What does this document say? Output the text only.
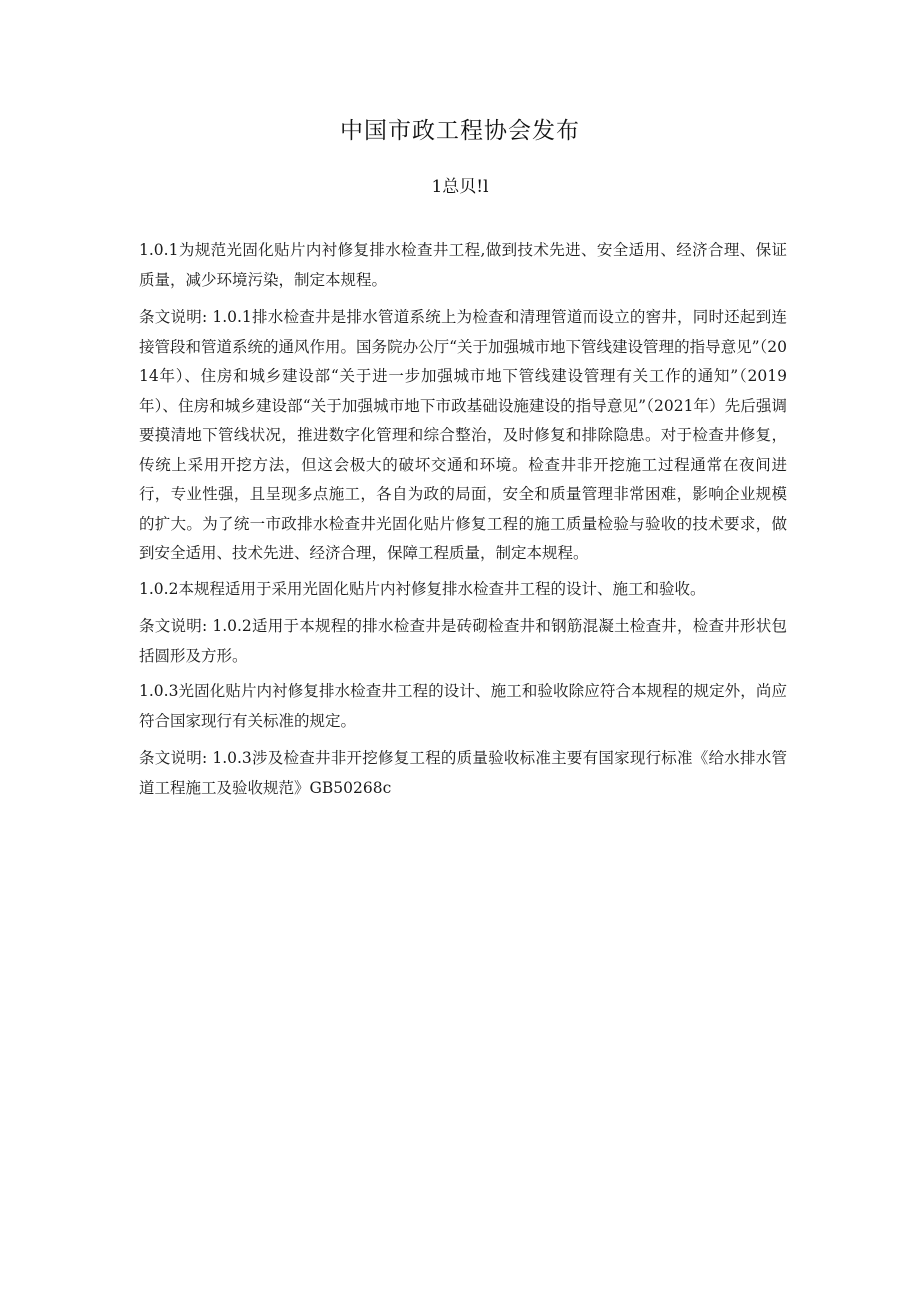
中国市政工程协会发布
1总贝!l

1.0.1为规范光固化贴片内衬修复排水检查井工程,做到技术先进、安全适用、经济合理、保证质量，减少环境污染，制定本规程。

条文说明: 1.0.1排水检查井是排水管道系统上为检查和清理管道而设立的窖井，同时还起到连接管段和管道系统的通风作用。国务院办公厅“关于加强城市地下管线建设管理的指导意见”（2014年）、住房和城乡建设部“关于进一步加强城市地下管线建设管理有关工作的通知”（2019年）、住房和城乡建设部“关于加强城市地下市政基础设施建设的指导意见”（2021年）先后强调要摸清地下管线状况，推进数字化管理和综合整治，及时修复和排除隐患。对于检查井修复，传统上采用开挖方法，但这会极大的破坏交通和环境。检查井非开挖施工过程通常在夜间进行，专业性强，且呈现多点施工，各自为政的局面，安全和质量管理非常困难，影响企业规模的扩大。为了统一市政排水检查井光固化贴片修复工程的施工质量检验与验收的技术要求，做到安全适用、技术先进、经济合理，保障工程质量，制定本规程。

1.0.2本规程适用于采用光固化贴片内衬修复排水检查井工程的设计、施工和验收。

条文说明: 1.0.2适用于本规程的排水检查井是砖砌检查井和钢筋混凝土检查井，检查井形状包括圆形及方形。

1.0.3光固化贴片内衬修复排水检查井工程的设计、施工和验收除应符合本规程的规定外，尚应符合国家现行有关标准的规定。

条文说明: 1.0.3涉及检查井非开挖修复工程的质量验收标准主要有国家现行标准《给水排水管道工程施工及验收规范》GB50268c
